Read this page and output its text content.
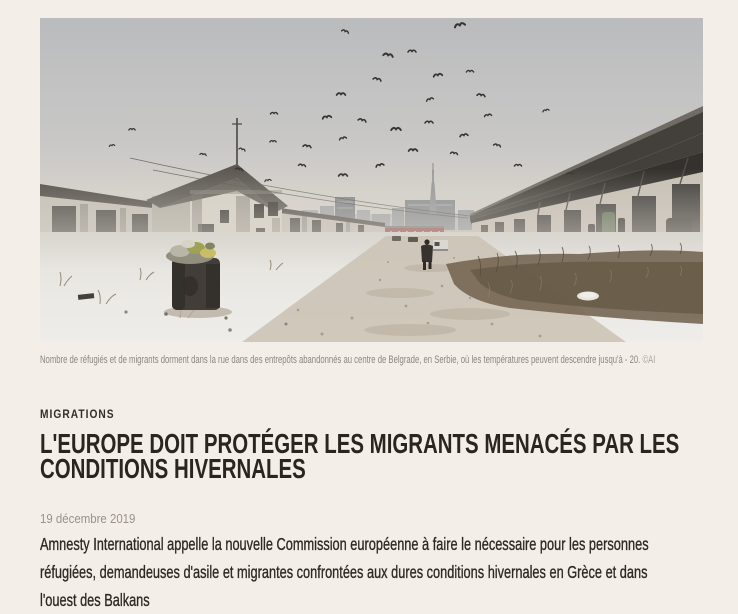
Nombre de réfugiés et de migrants dorment dans la rue dans des entrepôts abandonnés au centre de Belgrade, en Serbie, où les températures peuvent descendre jusqu'à - 20. ©AI
MIGRATIONS
L'EUROPE DOIT PROTÉGER LES MIGRANTS MENACÉS PAR LES
CONDITIONS HIVERNALES
19 décembre 2019

Amnesty International appelle la nouvelle Commission européenne à faire le nécessaire pour les personnes
réfugiées, demandeuses d'asile et migrantes confrontées aux dures conditions hivernales en Grèce et dans
l'ouest des Balkans
